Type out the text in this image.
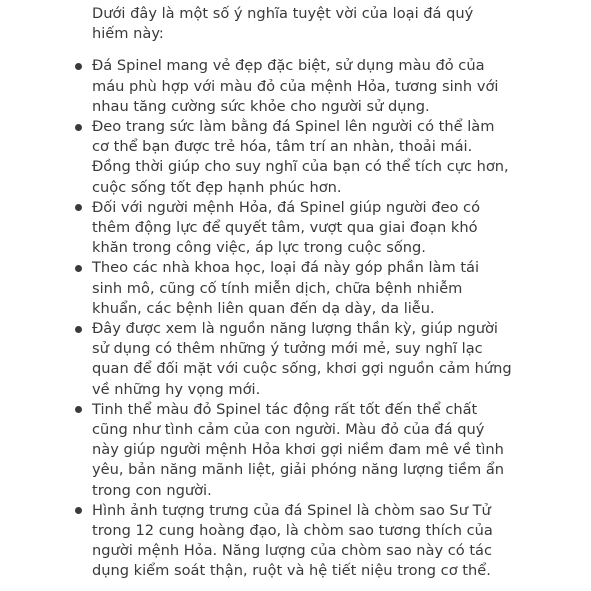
Dưới đây là một số ý nghĩa tuyệt vời của loại đá quý hiếm này:

Đá Spinel mang vẻ đẹp đặc biệt, sử dụng màu đỏ của máu phù hợp với màu đỏ của mệnh Hỏa, tương sinh với nhau tăng cường sức khỏe cho người sử dụng.
Đeo trang sức làm bằng đá Spinel lên người có thể làm cơ thể bạn được trẻ hóa, tâm trí an nhàn, thoải mái. Đồng thời giúp cho suy nghĩ của bạn có thể tích cực hơn, cuộc sống tốt đẹp hạnh phúc hơn.
Đối với người mệnh Hỏa, đá Spinel giúp người đeo có thêm động lực để quyết tâm, vượt qua giai đoạn khó khăn trong công việc, áp lực trong cuộc sống.
Theo các nhà khoa học, loại đá này góp phần làm tái sinh mô, cũng cố tính miễn dịch, chữa bệnh nhiễm khuẩn, các bệnh liên quan đến dạ dày, da liễu.
Đây được xem là nguồn năng lượng thần kỳ, giúp người sử dụng có thêm những ý tưởng mới mẻ, suy nghĩ lạc quan để đối mặt với cuộc sống, khơi gợi nguồn cảm hứng về những hy vọng mới.
Tinh thể màu đỏ Spinel tác động rất tốt đến thể chất cũng như tình cảm của con người. Màu đỏ của đá quý này giúp người mệnh Hỏa khơi gợi niềm đam mê về tình yêu, bản năng mãnh liệt, giải phóng năng lượng tiềm ẩn trong con người.
Hình ảnh tượng trưng của đá Spinel là chòm sao Sư Tử trong 12 cung hoàng đạo, là chòm sao tương thích của người mệnh Hỏa. Năng lượng của chòm sao này có tác dụng kiểm soát thận, ruột và hệ tiết niệu trong cơ thể.
